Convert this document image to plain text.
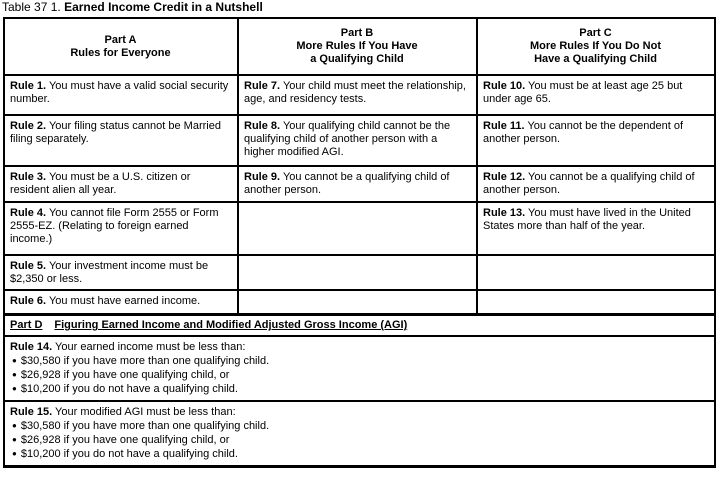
Table 37 1. Earned Income Credit in a Nutshell
Part A
Rules for Everyone
Part B
More Rules If You Have
a Qualifying Child
Part C
More Rules If You Do Not
Have a Qualifying Child
Rule 1. You must have a valid social security number.
Rule 7. Your child must meet the relationship, age, and residency tests.
Rule 10. You must be at least age 25 but under age 65.
Rule 2. Your filing status cannot be Married filing separately.
Rule 8. Your qualifying child cannot be the qualifying child of another person with a higher modified AGI.
Rule 11. You cannot be the dependent of another person.
Rule 3. You must be a U.S. citizen or resident alien all year.
Rule 9. You cannot be a qualifying child of another person.
Rule 12. You cannot be a qualifying child of another person.
Rule 4. You cannot file Form 2555 or Form 2555-EZ. (Relating to foreign earned income.)
Rule 13. You must have lived in the United States more than half of the year.
Rule 5. Your investment income must be $2,350 or less.
Rule 6. You must have earned income.
Part D Figuring Earned Income and Modified Adjusted Gross Income (AGI)
Rule 14. Your earned income must be less than:
● $30,580 if you have more than one qualifying child.
● $26,928 if you have one qualifying child, or
● $10,200 if you do not have a qualifying child.
Rule 15. Your modified AGI must be less than:
● $30,580 if you have more than one qualifying child.
● $26,928 if you have one qualifying child, or
● $10,200 if you do not have a qualifying child.
